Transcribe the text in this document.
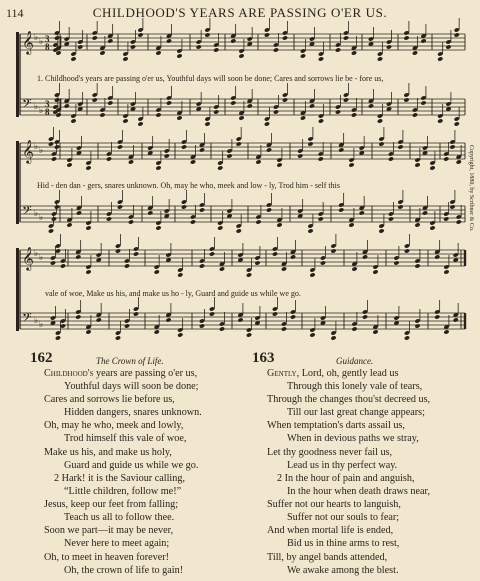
114	CHILDHOOD'S YEARS ARE PASSING O'ER US.
𝄞 ♭ ♭ 3
8
𝄢 ♭ ♭
3
8
𝄞 ♭ ♭
𝄢 ♭ ♭
𝄞 ♭ ♭
𝄢 ♭ ♭
1. Childhood's years are passing o'er us, Youthful days will soon be done; Cares and sorrows lie be - fore us,
Hid - den dan - gers, snares unknown. Oh, may he who, meek and low - ly, Trod him - self this
vale of woe, Make us his, and make us ho - ly, Guard and guide us while we go.
Copyright, 1880, by Scribner & Co.
162	The Crown of Life.
Childhood's years are passing o'er us,
Youthful days will soon be done;
Cares and sorrows lie before us,
Hidden dangers, snares unknown.
Oh, may he who, meek and lowly,
Trod himself this vale of woe,
Make us his, and make us holy,
Guard and guide us while we go.
2 Hark! it is the Saviour calling,
“Little children, follow me!”
Jesus, keep our feet from falling;
Teach us all to follow thee.
Soon we part—it may be never,
Never here to meet again;
Oh, to meet in heaven forever!
Oh, the crown of life to gain!
163	Guidance.
Gently, Lord, oh, gently lead us
Through this lonely vale of tears,
Through the changes thou'st decreed us,
Till our last great change appears;
When temptation's darts assail us,
When in devious paths we stray,
Let thy goodness never fail us,
Lead us in thy perfect way.
2 In the hour of pain and anguish,
In the hour when death draws near,
Suffer not our hearts to languish,
Suffer not our souls to fear;
And when mortal life is ended,
Bid us in thine arms to rest,
Till, by angel bands attended,
We awake among the blest.
